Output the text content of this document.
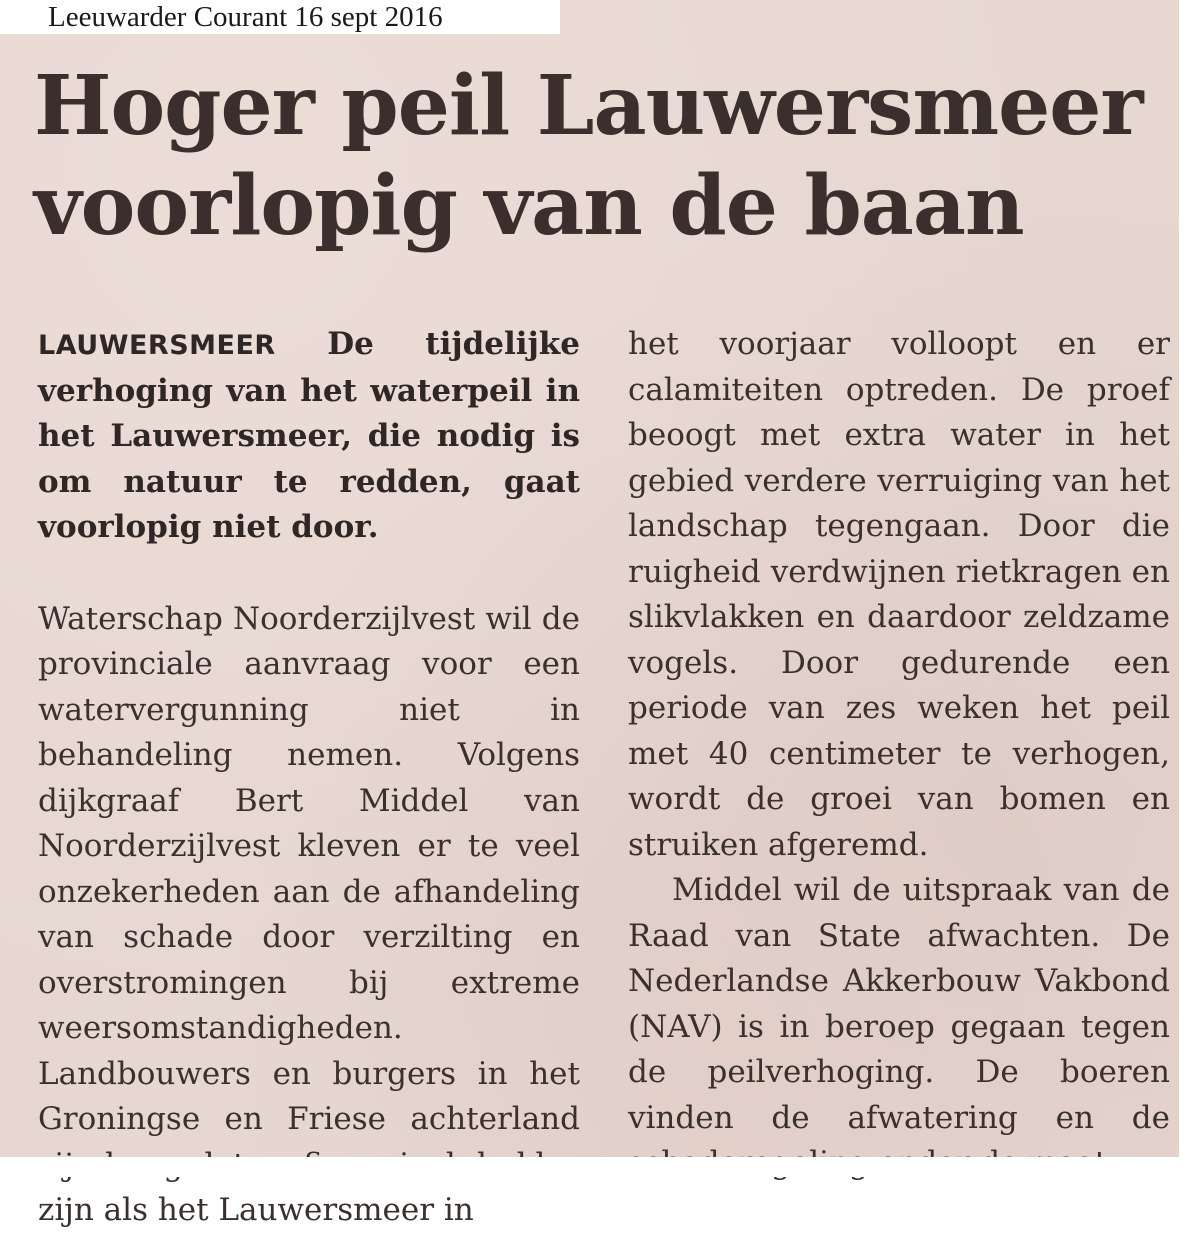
Leeuwarder Courant 16 sept 2016
Hoger peil Lauwersmeer
voorlopig van de baan

LAUWERSMEER De tijdelijke verhoging van het waterpeil in het Lauwersmeer, die nodig is om natuur te redden, gaat voorlopig niet door.

Waterschap Noorderzijlvest wil de provinciale aanvraag voor een watervergunning niet in behandeling nemen. Volgens dijkgraaf Bert Middel van Noorderzijlvest kleven er te veel onzekerheden aan de afhandeling van schade door verzilting en overstromingen bij extreme weersomstandigheden. Landbouwers en burgers in het Groningse en Friese achterland zijn als het Lauwersmeer in

het voorjaar volloopt en er calamiteiten optreden. De proef beoogt met extra water in het gebied verdere verruiging van het landschap tegengaan. Door die ruigheid verdwijnen rietkragen en slikvlakken en daardoor zeldzame vogels. Door gedurende een periode van zes weken het peil met 40 centimeter te verhogen, wordt de groei van bomen en struiken afgeremd.

Middel wil de uitspraak van de Raad van State afwachten. De Nederlandse Akkerbouw Vakbond (NAV) is in beroep gegaan tegen de peilverhoging. De boeren vinden de afwatering en de
